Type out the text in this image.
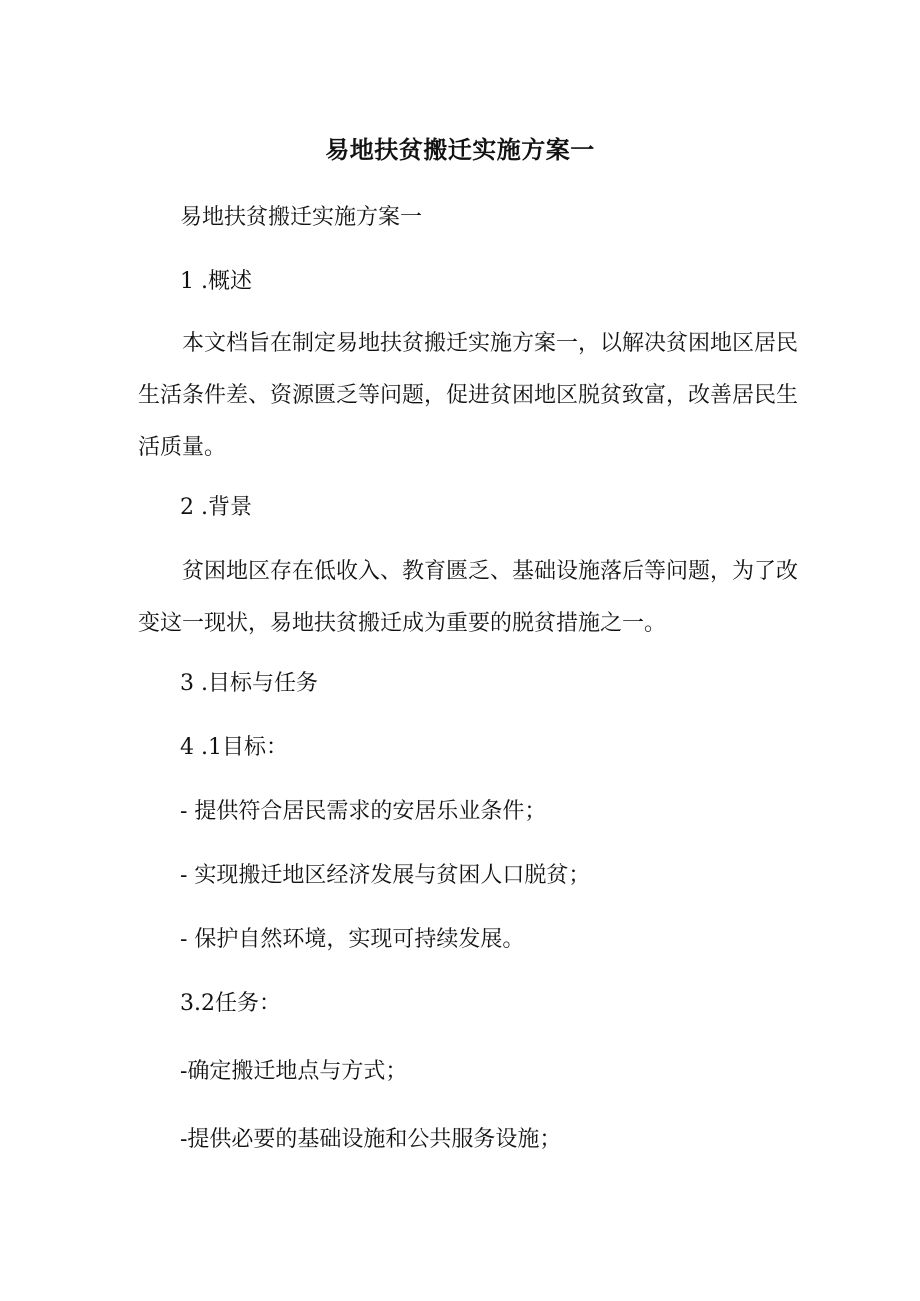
易地扶贫搬迁实施方案一

易地扶贫搬迁实施方案一

1 .概述

本文档旨在制定易地扶贫搬迁实施方案一，以解决贫困地区居民生活条件差、资源匮乏等问题，促进贫困地区脱贫致富，改善居民生活质量。

2 .背景

贫困地区存在低收入、教育匮乏、基础设施落后等问题，为了改变这一现状，易地扶贫搬迁成为重要的脱贫措施之一。

3 .目标与任务

4 .1目标：

- 提供符合居民需求的安居乐业条件；

- 实现搬迁地区经济发展与贫困人口脱贫；

- 保护自然环境，实现可持续发展。

3.2任务：

-确定搬迁地点与方式；

-提供必要的基础设施和公共服务设施；
